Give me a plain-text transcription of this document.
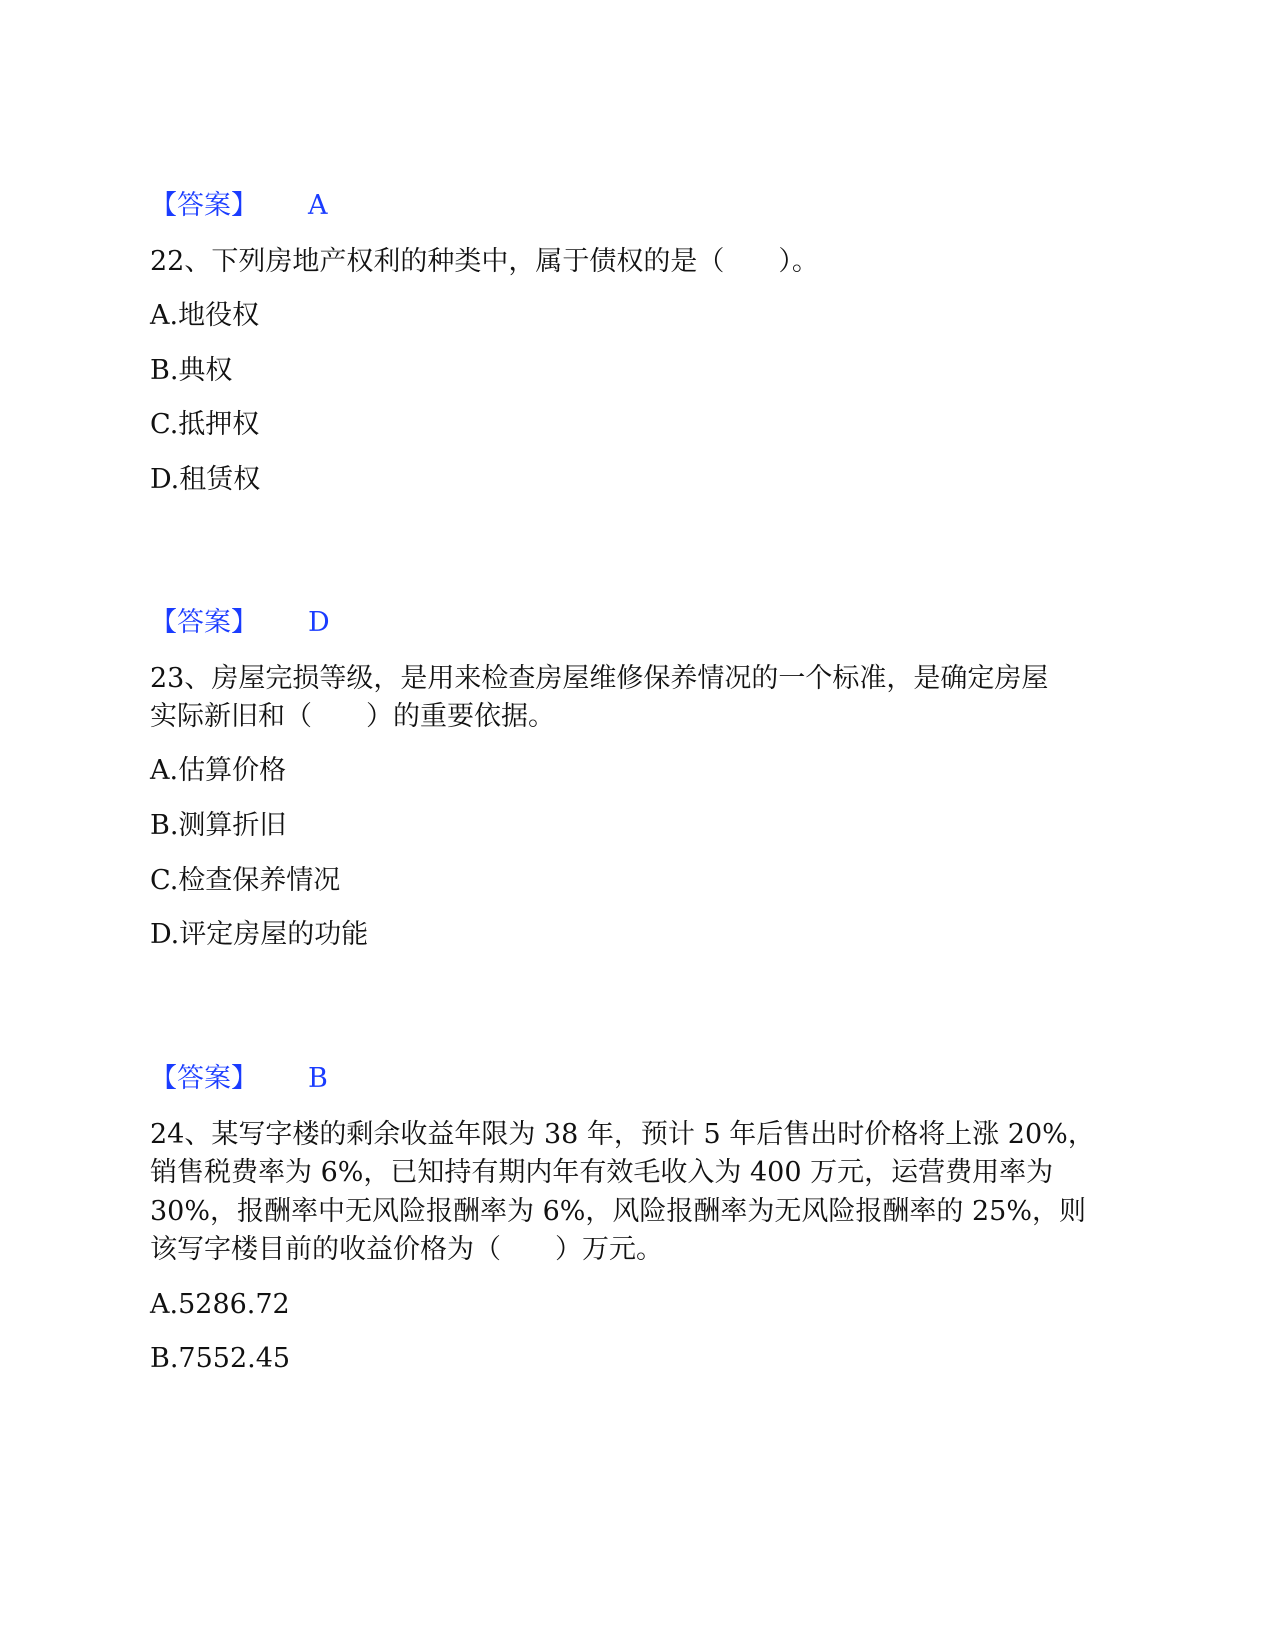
【答案】 A

22、下列房地产权利的种类中，属于债权的是（　　）。

A.地役权

B.典权

C.抵押权

D.租赁权

【答案】 D

23、房屋完损等级，是用来检查房屋维修保养情况的一个标准，是确定房屋

实际新旧和（　　）的重要依据。

A.估算价格

B.测算折旧

C.检查保养情况

D.评定房屋的功能

【答案】 B

24、某写字楼的剩余收益年限为 38 年，预计 5 年后售出时价格将上涨 20%，

销售税费率为 6%，已知持有期内年有效毛收入为 400 万元，运营费用率为

30%，报酬率中无风险报酬率为 6%，风险报酬率为无风险报酬率的 25%，则

该写字楼目前的收益价格为（　　）万元。

A.5286.72

B.7552.45
